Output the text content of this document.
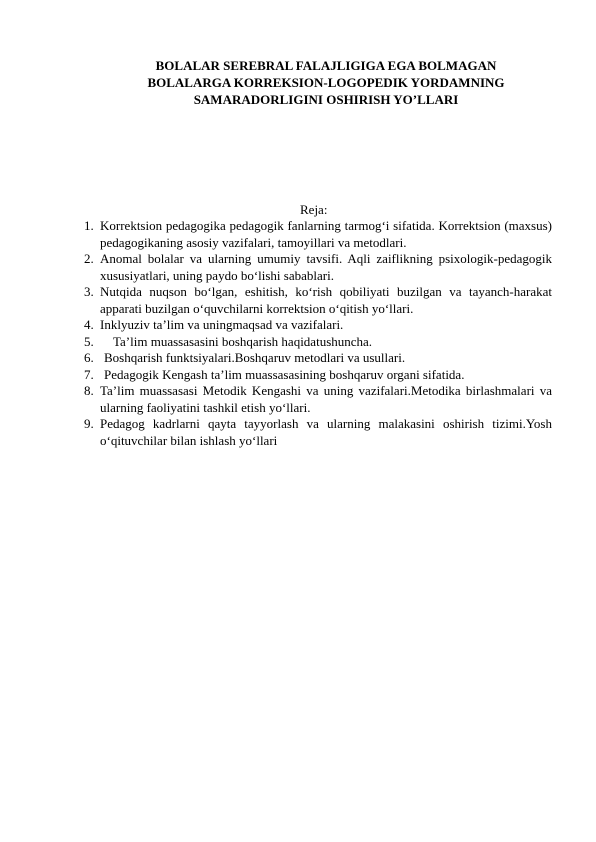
BOLALAR SEREBRAL FALAJLIGIGA EGA BOLMAGAN
BOLALARGA KORREKSION-LOGOPEDIK YORDAMNING
SAMARADORLIGINI OSHIRISH YO’LLARI
Reja:
1. Korrektsion pedagogika pedagogik fanlarning tarmog‘i sifatida. Korrektsion (maxsus) pedagogikaning asosiy vazifalari, tamoyillari va metodlari.
2. Anomal bolalar va ularning umumiy tavsifi. Aqli zaiflikning psixologik-pedagogik xususiyatlari, uning paydo bo‘lishi sabablari.
3. Nutqida nuqson bo‘lgan, eshitish, ko‘rish qobiliyati buzilgan va tayanch-harakat apparati buzilgan o‘quvchilarni korrektsion o‘qitish yo‘llari.
4. Inklyuziv ta’lim va uningmaqsad va vazifalari.
5.	Ta’lim muassasasini boshqarish haqidatushuncha.
6. Boshqarish funktsiyalari.Boshqaruv metodlari va usullari.
7. Pedagogik Kengash ta’lim muassasasining boshqaruv organi sifatida.
8. Ta’lim muassasasi Metodik Kengashi va uning vazifalari.Metodika birlashmalari va ularning faoliyatini tashkil etish yo‘llari.
9. Pedagog kadrlarni qayta tayyorlash va ularning malakasini oshirish tizimi.Yosh o‘qituvchilar bilan ishlash yo‘llari
